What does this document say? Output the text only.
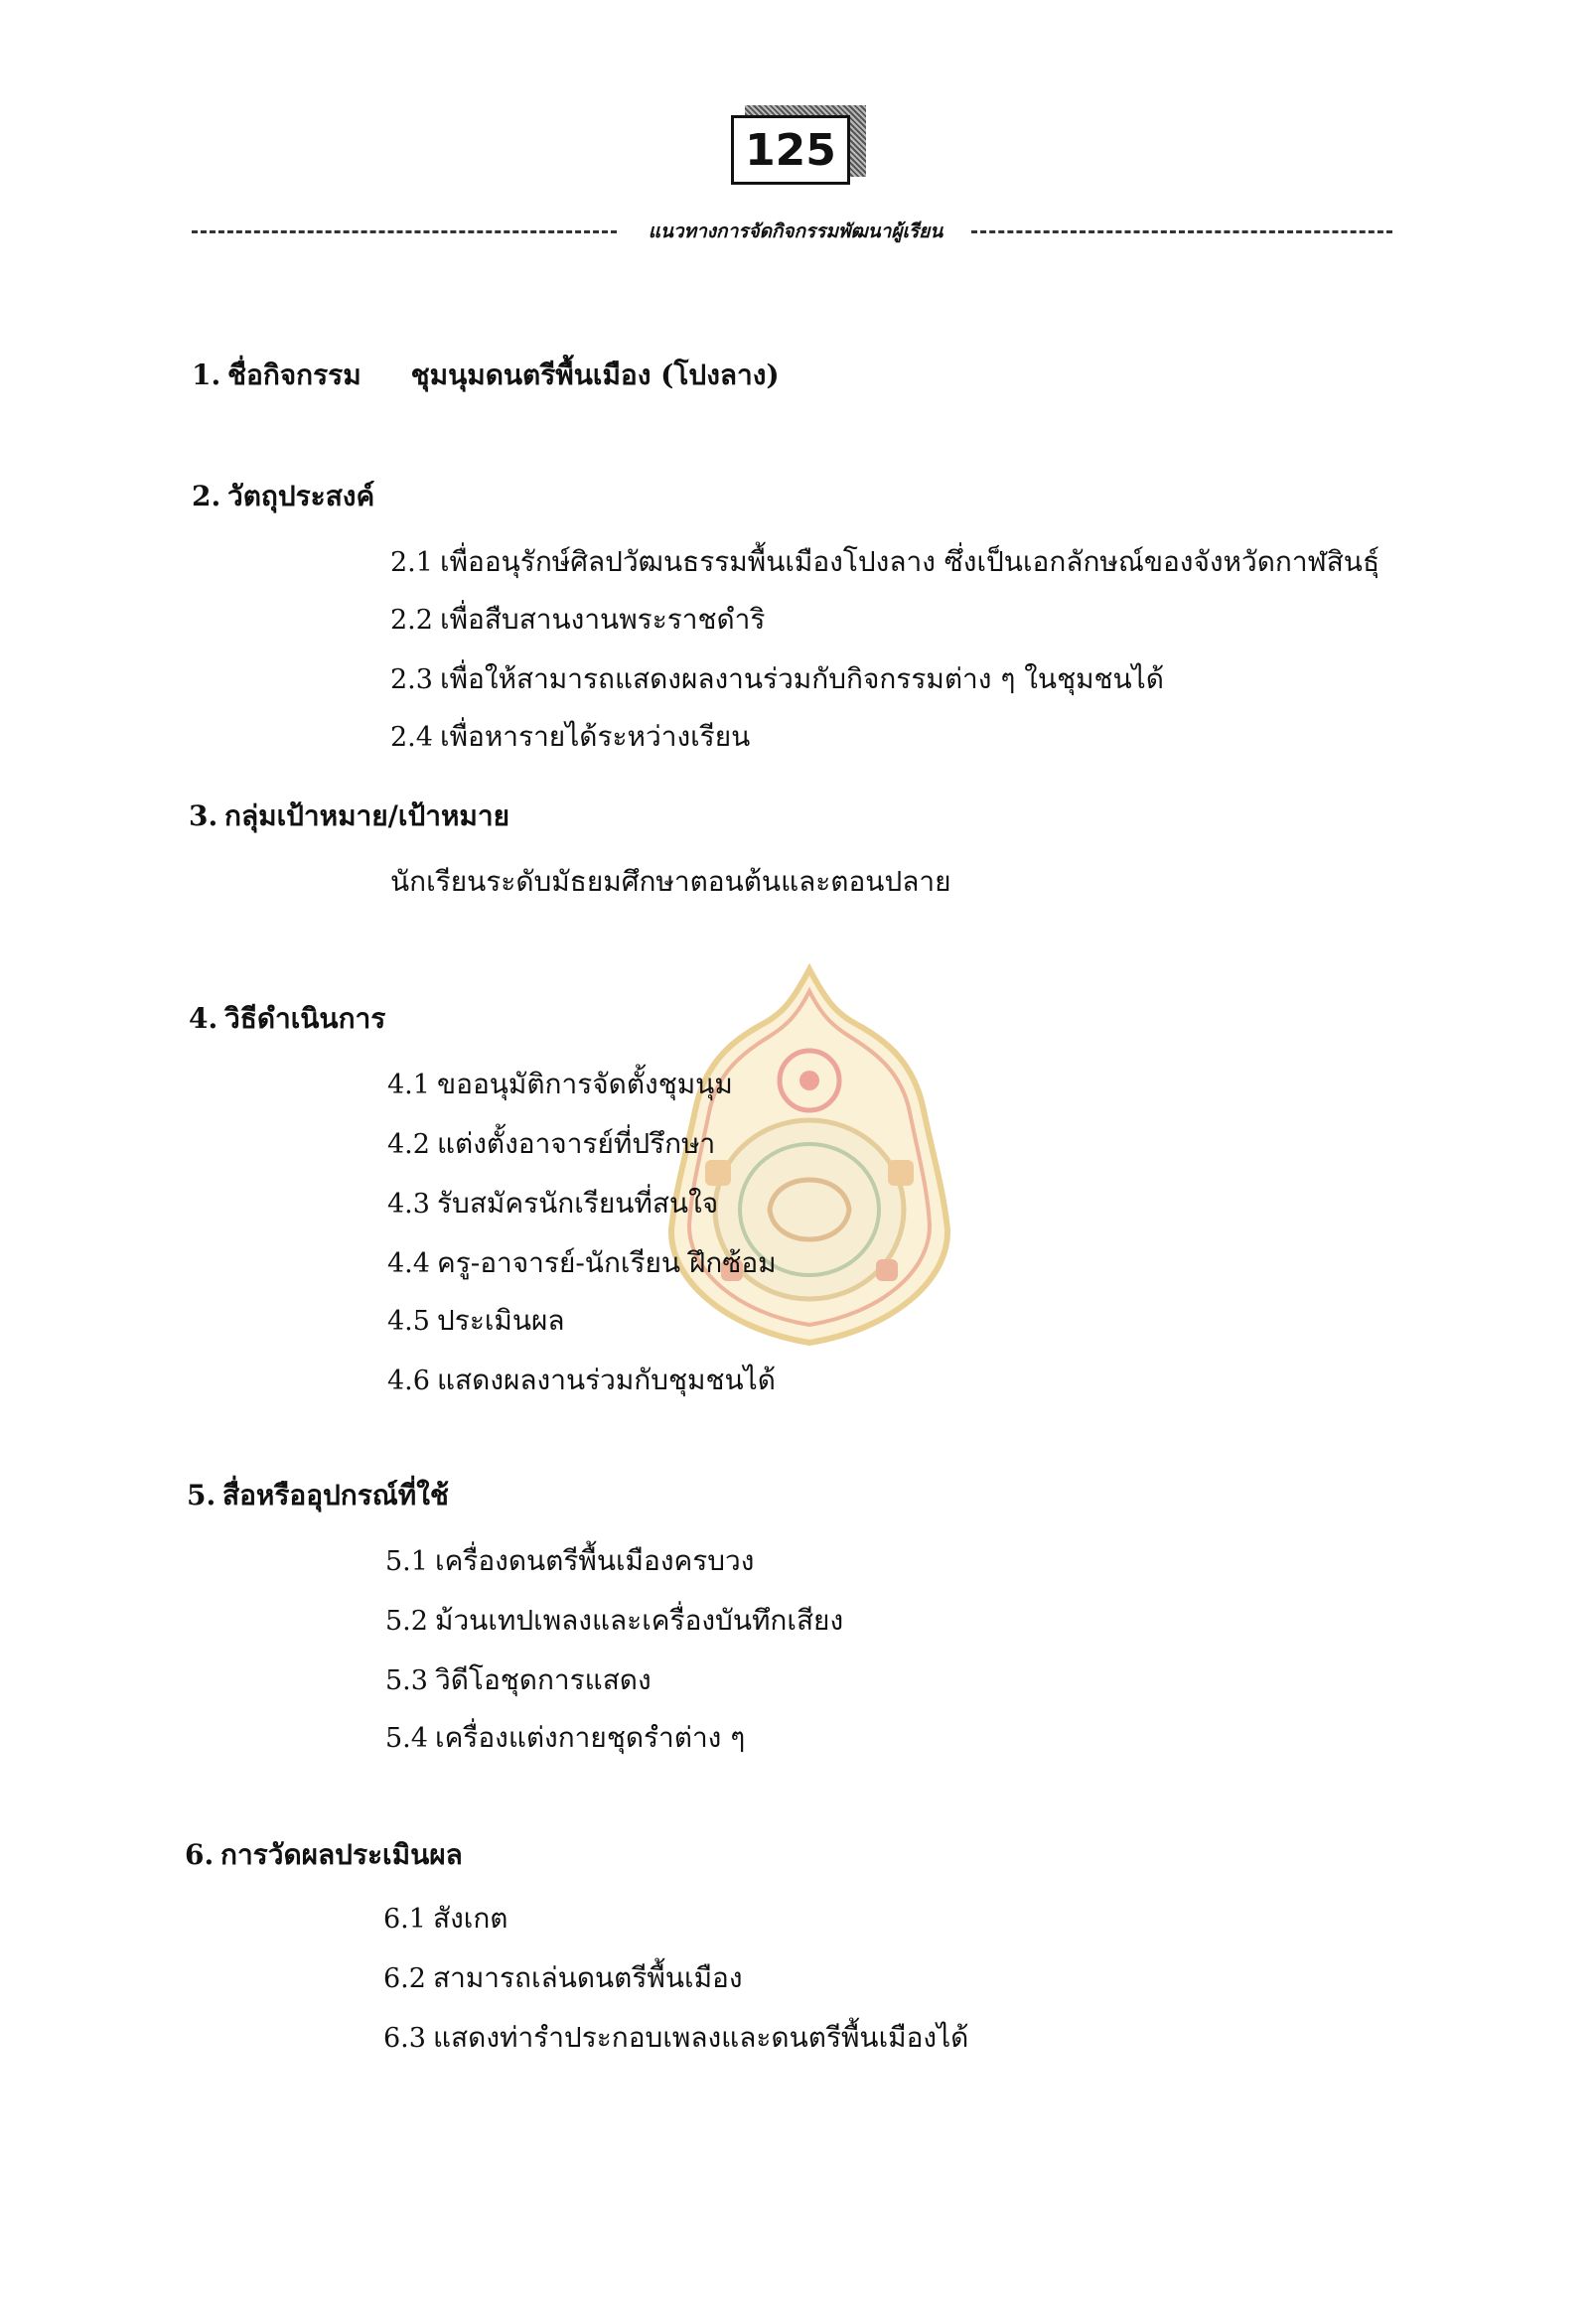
125
แนวทางการจัดกิจกรรมพัฒนาผู้เรียน
1. ชื่อกิจกรรม ชุมนุมดนตรีพื้นเมือง (โปงลาง)
2. วัตถุประสงค์
2.1 เพื่ออนุรักษ์ศิลปวัฒนธรรมพื้นเมืองโปงลาง ซึ่งเป็นเอกลักษณ์ของจังหวัดกาฬสินธุ์
2.2 เพื่อสืบสานงานพระราชดำริ
2.3 เพื่อให้สามารถแสดงผลงานร่วมกับกิจกรรมต่าง ๆ ในชุมชนได้
2.4 เพื่อหารายได้ระหว่างเรียน
3. กลุ่มเป้าหมาย/เป้าหมาย
นักเรียนระดับมัธยมศึกษาตอนต้นและตอนปลาย
4. วิธีดำเนินการ
4.1 ขออนุมัติการจัดตั้งชุมนุม
4.2 แต่งตั้งอาจารย์ที่ปรึกษา
4.3 รับสมัครนักเรียนที่สนใจ
4.4 ครู-อาจารย์-นักเรียน ฝึกซ้อม
4.5 ประเมินผล
4.6 แสดงผลงานร่วมกับชุมชนได้
5. สื่อหรืออุปกรณ์ที่ใช้
5.1 เครื่องดนตรีพื้นเมืองครบวง
5.2 ม้วนเทปเพลงและเครื่องบันทึกเสียง
5.3 วิดีโอชุดการแสดง
5.4 เครื่องแต่งกายชุดรำต่าง ๆ
6. การวัดผลประเมินผล
6.1 สังเกต
6.2 สามารถเล่นดนตรีพื้นเมือง
6.3 แสดงท่ารำประกอบเพลงและดนตรีพื้นเมืองได้
